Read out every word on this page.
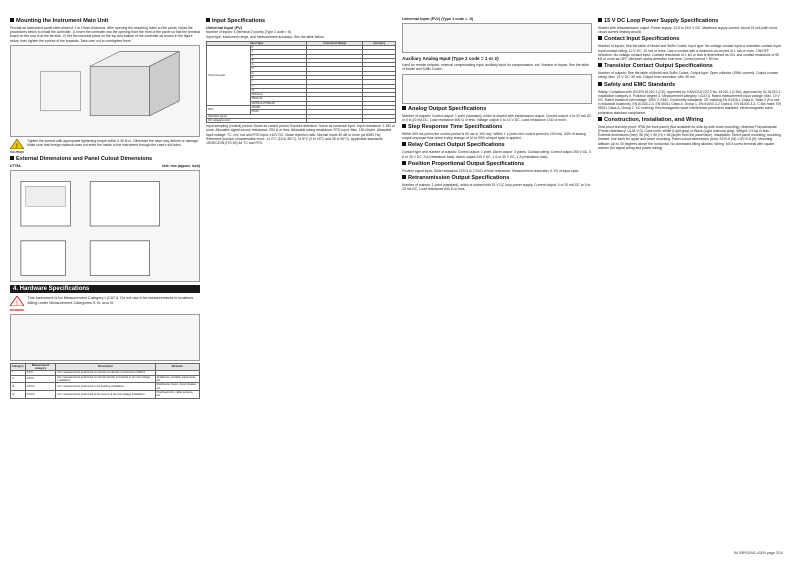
Mounting the Instrument Main Unit

Provide an instrument panel steel sheet of 1 to 10mm thickness. After opening the mounting holes on the panel, follow the procedures below to install the controller. 1) Insert the controller into the opening from the front of the panel so that the terminal board on the rear is at the far side. 2) Set the brackets place on the top and bottom of the controller as shown in the figure below, then tighten the screws of the brackets. Take care not to overtighten them.

!
CAUTION

Tighten the screws with appropriate tightening torque within 0.35 N·m. Otherwise the case may deform or damage. Make sure that foreign material does not enter the inside of the instrument through the case's slit holes.

External Dimensions and Panel Cutout Dimensions
UT75A	Unit: mm (approx. inch)
4. Hardware Specifications
!
WARNING

This instrument is for Measurement Category I (CAT.I). Do not use it for measurements in locations falling under Measurement Categories II, III, and IV.

Category	Measurement category	Description	Remarks
I	CAT.I	For measurements performed on circuits not directly connected to MAINS.	-
II	CAT.II	For measurements performed on circuits directly connected to the low-voltage installation.	Appliances, portable equipments, etc.
III	CAT.III	For measurements performed in the building installation.	Distribution board, circuit breaker, etc.
IV	CAT.IV	For measurements performed at the source of the low-voltage installation.	Overhead wire, cable systems, etc.
Input Specifications
Universal Input (PV)

Number of inputs: 1 (terminal 2 points) (Type 1 code = 6)

Input type, instrument range, and measurement accuracy: See the table below.

Input Type		Instrument Range	Accuracy
Thermocouple	K		
	J		
	T		
	B		
	S		
	R		
	N		
	E		
	L		
	U		
	W		
	Platinel 2		
	PR20-40		
	W97Re3-W75Re25		
RTD	JPt100		
	Pt100		
Standard signal			
DC voltage/current			

Input sampling (control) period: Same as control period. Burnout detection: Same as universal input. Input resistance: 1 MΩ or more. Allowable signal source resistance: 250 Ω or less. Allowable wiring resistance: RTD input: Max. 150 Ω/wire. Allowable input voltage: TC, mV, mA and RTD input: ±10V DC. Noise rejection ratio: Normal mode 40 dB or more (at 50/60 Hz). Reference junction compensation error: ±1.0°C (15 to 35°C), ±1.5°C (0 to 15°C and 35 to 50°C). Applicable standards: JIS/IEC/DIN (ITS-90) for TC and RTD

Universal Input (PV2) (Type 1 code = -5)
Auxiliary Analog Input (Type 2 code = 1 or 2)

Used for remote setpoint, external compensating input, auxiliary input for compensation, etc. Number of inputs: See the table of Model and Suffix Codes.

Analog Output Specifications

Number of outputs: Control output: 1 point (standard), which is shared with transmission output. Current output: 4 to 20 mA DC or 0 to 20 mA DC. Load resistance 600 Ω or less. Voltage output: 0 to 10 V DC. Load resistance 1 kΩ or more.

Step Response Time Specifications

Within 500 ms (when the control period is 50 ms or 100 ms). Within 1 s (when the control period is 200 ms). 63% of analog output response time when a step change of 10 to 90% of input span is applied.

Relay Contact Output Specifications

Contact type and number of outputs: Control output: 1 point. Alarm output: 3 points. Contact rating: Control output 250 V AC, 3 A or 30 V DC, 3 A (resistance load). Alarm output 240 V AC, 1 A or 30 V DC, 1 A (resistance load).

Position Proportional Output Specifications

Position signal input: Slide resistance 100 Ω to 2.5 kΩ of total resistance. Measurement resolution: 0.1% of input span.

Retransmission Output Specifications

Number of outputs: 1 point (standard), which is shared with 15 V DC loop power supply. Current output: 4 to 20 mA DC or 0 to 20 mA DC. Load resistance 600 Ω or less.

15 V DC Loop Power Supply Specifications

Shared with retransmission output. Power supply: 14.5 to 18.0 V DC. Maximum supply current: About 21 mA (with short-circuit current limiting circuit).

Contact Input Specifications

Number of inputs: See the table of Model and Suffix Codes. Input type: No-voltage contact input or transistor contact input. Input contact rating: 12 V DC, 10 mA or more. Use a contact with a minimum on-current of 1 mA or more. ON/OFF detection: No-voltage contact input: Contact resistance of 1 kΩ or less is determined as ON, and contact resistance of 50 kΩ or more as OFF. Minimum status detection hold time: Control period + 50 ms.

Transistor Contact Output Specifications

Number of outputs: See the table of Model and Suffix Codes. Output type: Open collector (SINK current). Output contact rating: Max. 24 V DC, 50 mA. Output time resolution: Min. 50 ms.

Safety and EMC Standards

Safety: Compliant with IEC/EN 61010-1 (CE), approved by CAN/CSA C22.2 No. 61010-1 (CSA), approved by UL 61010-1. Installation category II. Pollution degree 2. Measurement category I (CAT.I). Rated measurement input voltage: Max. 10 V DC. Rated transient overvoltage: 1500 V. EMC: Conformity standards: CE marking EN 61326-1 Class A, Table 2 (For use in industrial locations). EN 61326-2-3. EN 55011 Class A, Group 1. EN 61000-3-2 Class A. EN 61000-3-3. C-tick mark: EN 55011 Class A, Group 1. KC marking: Electromagnetic wave interference prevention standard, electromagnetic wave protection standard compliance.

Construction, Installation, and Wiring

Dust-proof and drip-proof: IP56 (for front panel) (Not available for side-by-side close mounting). Material: Polycarbonate (Flame retardancy: UL94 V-0). Case color: White (Light gray) or Black (Light charcoal gray). Weight: 0.5 kg or less. External dimensions (mm): 96 (W) × 96 (H) × 65 (depth from the panel face). Installation: Direct panel mounting; mounting bracket, one each for upper and lower mounting. Panel cutout dimensions (mm): 92+0.8 (W) × 92+0.8 (H). Mounting attitude: Up to 30 degrees above the horizontal. No downward tilting allowed. Wiring: M3.5 screw terminal with square washer (for signal wiring and power wiring).

IM 05P01B41-41EN page 2/14
